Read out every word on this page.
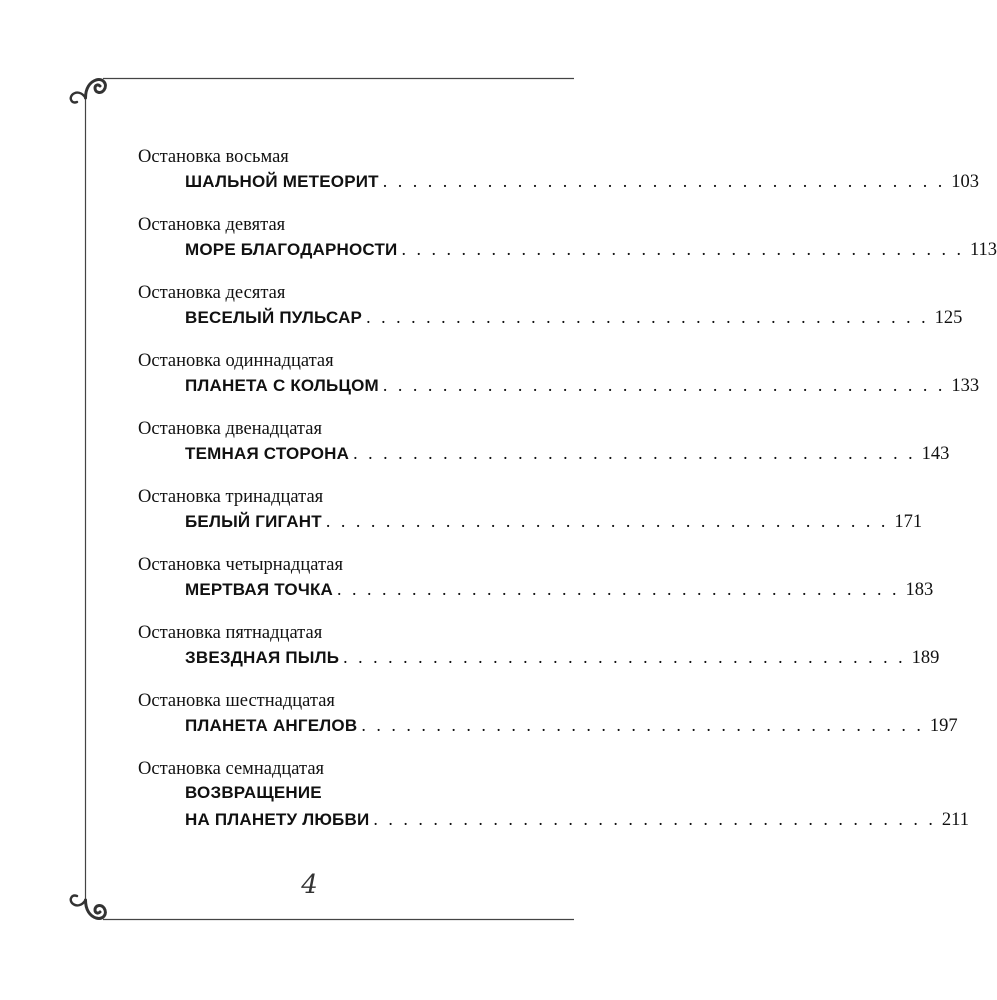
Остановка восьмая
ШАЛЬНОЙ МЕТЕОРИТ . . . . . . . . . . . . . . . . . . . . . . . . . . . . . . . . . . . . . . 103
Остановка девятая
МОРЕ БЛАГОДАРНОСТИ . . . . . . . . . . . . . . . . . . . . . . . . . . . . . . . . . . . . . . 113
Остановка десятая
ВЕСЕЛЫЙ ПУЛЬСАР . . . . . . . . . . . . . . . . . . . . . . . . . . . . . . . . . . . . . . 125
Остановка одиннадцатая
ПЛАНЕТА С КОЛЬЦОМ . . . . . . . . . . . . . . . . . . . . . . . . . . . . . . . . . . . . . . 133
Остановка двенадцатая
ТЕМНАЯ СТОРОНА . . . . . . . . . . . . . . . . . . . . . . . . . . . . . . . . . . . . . . 143
Остановка тринадцатая
БЕЛЫЙ ГИГАНТ . . . . . . . . . . . . . . . . . . . . . . . . . . . . . . . . . . . . . . 171
Остановка четырнадцатая
МЕРТВАЯ ТОЧКА . . . . . . . . . . . . . . . . . . . . . . . . . . . . . . . . . . . . . . 183
Остановка пятнадцатая
ЗВЕЗДНАЯ ПЫЛЬ . . . . . . . . . . . . . . . . . . . . . . . . . . . . . . . . . . . . . . 189
Остановка шестнадцатая
ПЛАНЕТА АНГЕЛОВ . . . . . . . . . . . . . . . . . . . . . . . . . . . . . . . . . . . . . . 197
Остановка семнадцатая
ВОЗВРАЩЕНИЕ
НА ПЛАНЕТУ ЛЮБВИ . . . . . . . . . . . . . . . . . . . . . . . . . . . . . . . . . . . . . . 211
4
